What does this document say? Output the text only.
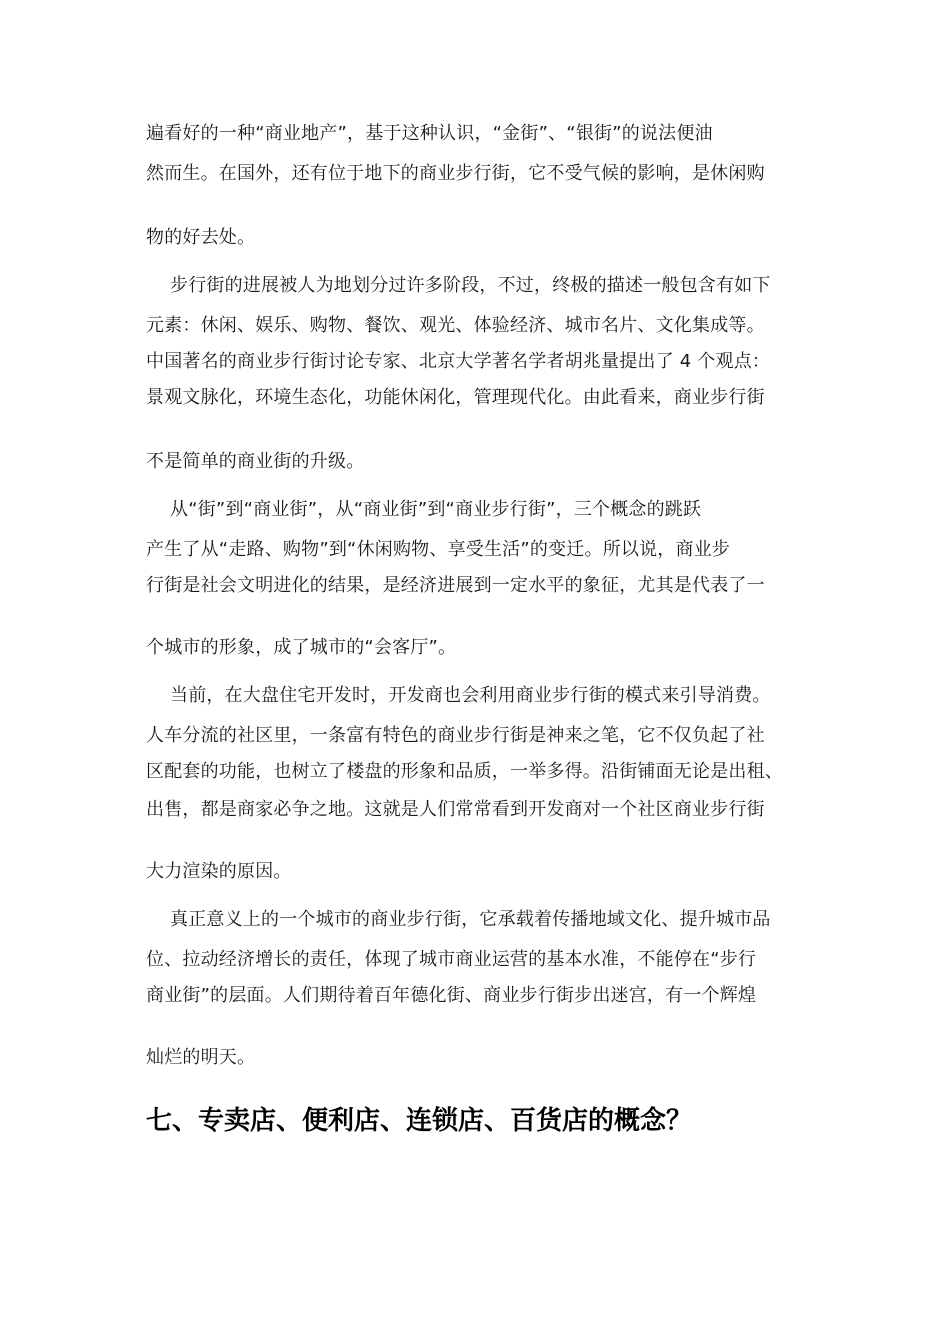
遍看好的一种“商业地产”，基于这种认识，“金街”、“银街”的说法便油
然而生。在国外，还有位于地下的商业步行街，它不受气候的影响，是休闲购
物的好去处。
步行街的进展被人为地划分过许多阶段，不过，终极的描述一般包含有如下
元素：休闲、娱乐、购物、餐饮、观光、体验经济、城市名片、文化集成等。
中国著名的商业步行街讨论专家、北京大学著名学者胡兆量提出了 4 个观点：
景观文脉化，环境生态化，功能休闲化，管理现代化。由此看来，商业步行街
不是简单的商业街的升级。
从“街”到“商业街”，从“商业街”到“商业步行街”，三个概念的跳跃
产生了从“走路、购物”到“休闲购物、享受生活”的变迁。所以说，商业步
行街是社会文明进化的结果，是经济进展到一定水平的象征，尤其是代表了一
个城市的形象，成了城市的“会客厅”。
当前，在大盘住宅开发时，开发商也会利用商业步行街的模式来引导消费。
人车分流的社区里，一条富有特色的商业步行街是神来之笔，它不仅负起了社
区配套的功能，也树立了楼盘的形象和品质，一举多得。沿街铺面无论是出租、
出售，都是商家必争之地。这就是人们常常看到开发商对一个社区商业步行街
大力渲染的原因。
真正意义上的一个城市的商业步行街，它承载着传播地域文化、提升城市品
位、拉动经济增长的责任，体现了城市商业运营的基本水准，不能停在“步行
商业街”的层面。人们期待着百年德化街、商业步行街步出迷宫，有一个辉煌
灿烂的明天。
七、专卖店、便利店、连锁店、百货店的概念？
